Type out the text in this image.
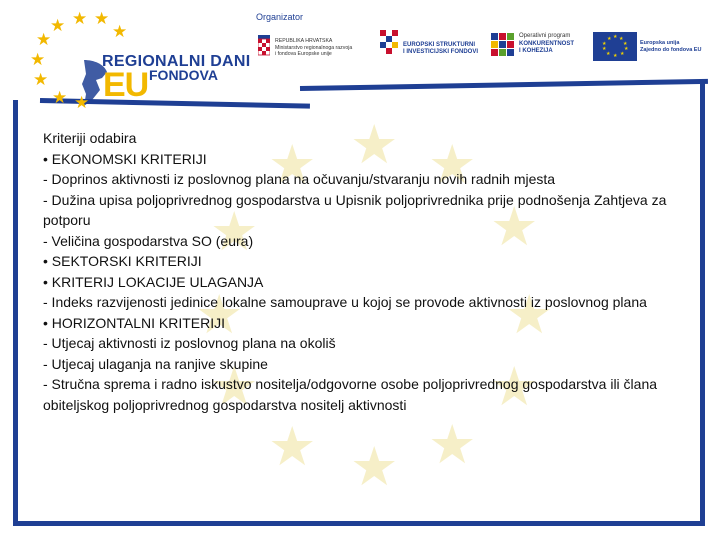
★ ★
★
★
★
★
★
★
★
★
★ ★
★ ★ ★
★	★
★
★
★ ★
REGIONALNI DANI
EU FONDOVA
Organizator
REPUBLIKA HRVATSKA
Ministarstvo regionalnoga razvoja
i fondova Europske unije
EUROPSKI STRUKTURNI
I INVESTICIJSKI FONDOVI
Operativni program
KONKURENTNOST
I KOHEZIJA
★ ★
★
★
★
★
★
★
★
★
Europska unija
Zajedno do fondova EU
Kriteriji odabira
• EKONOMSKI KRITERIJI
- Doprinos aktivnosti iz poslovnog plana na očuvanju/stvaranju novih radnih mjesta
- Dužina upisa poljoprivrednog gospodarstva u Upisnik poljoprivrednika prije podnošenja Zahtjeva za potporu
- Veličina gospodarstva SO (eura)
• SEKTORSKI KRITERIJI
• KRITERIJ LOKACIJE ULAGANJA
- Indeks razvijenosti jedinice lokalne samouprave u kojoj se provode aktivnosti iz poslovnog plana
• HORIZONTALNI KRITERIJI
- Utjecaj aktivnosti iz poslovnog plana na okoliš
- Utjecaj ulaganja na ranjive skupine
- Stručna sprema i radno iskustvo nositelja/odgovorne osobe poljoprivrednog gospodarstva ili člana obiteljskog poljoprivrednog gospodarstva nositelj aktivnosti
